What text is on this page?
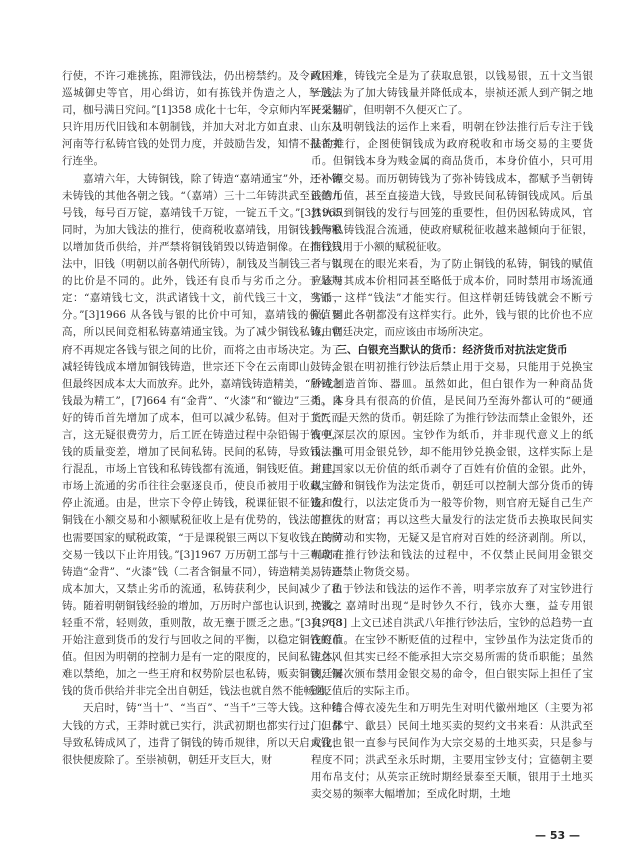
行使，不许刁难挑拣，阻滞钱法，仍出榜禁约。及令两厂并巡城御史等官，用心缉访，如有拣钱并伪造之人，拏送法司，枷号满日究问。”[1]358 成化十七年，令京师内军民交易只许用历代旧钱和本朝制钱，并加大对北方如直隶、山东及河南等行私铸官钱的处罚力度，并鼓励告发，知情不报者实行连坐。

嘉靖六年，大铸铜钱，除了铸造“嘉靖通宝”外，还补铸未铸钱的其他各朝之钱。“（嘉靖）三十二年铸洪武至正德九号钱，每号百万锭，嘉靖钱千万锭，一锭五千文。”[3]1965 同时，为加大钱法的推行，使商税收嘉靖钱，用铜钱折俸粮以增加货币供给，并严禁将铜钱销毁以铸造铜像。在推行钱法中，旧钱（明朝以前各朝代所铸），制钱及当制钱三者与银的比价是不同的。此外，钱还有良币与劣币之分。于是规定：“嘉靖钱七文，洪武诸钱十文，前代钱三十文，当银一分。”[3]1966 从各钱与银的比价中可知，嘉靖钱的价值要高，所以民间竞相私铸嘉靖通宝钱。为了减少铜钱私铸，官府不再规定各钱与银之间的比价，而将之由市场决定。为了减轻铸钱成本增加铜钱铸造，世宗还下令在云南即山鼓铸，但最终因成本太大而放弃。此外，嘉靖钱铸造精美，“所铸之钱最为精工”，[7]664 有“金背”、“火漆”和“镟边”三类。良好的铸币首先增加了成本，但可以减少私铸。但对于工匠而言，这无疑很费劳力，后工匠在铸造过程中杂铅锡于钱中，钱的质量变差，增加了民间私铸。民间的私铸，导致钱法推行混乱，市场上官钱和私铸钱都有流通，铜钱贬值。并且，市场上流通的劣币往往会驱逐良币，使良币被用于收藏，而停止流通。由是，世宗下令停止铸钱，税课征银不征钱。但铜钱在小额交易和小额赋税征收上是有优势的，钱法的推行也需要国家的赋税政策，“于是课税银三两以下复收钱，民间交易一钱以下止许用钱。”[3]1967 万历朝工部与十三布政司铸造“金背”、“火漆”钱（二者含铜量不同），铸造精美，铸造成本加大，又禁止劣币的流通，私铸获利少，民间减少了私铸。随着明朝铜钱经验的增加，万历时户部也认识到，“钱之轻重不常，轻则敛，重则散，故无壅于匮乏之患。”[3]1968 开始注意到货币的发行与回收之间的平衡，以稳定铜钱的币值。但因为明朝的控制力是有一定的限度的，民间私铸之风难以禁绝，加之一些王府和权势阶层也私铸，贩卖铜钱，铜钱的货币供给并非完全出自朝廷，钱法也就自然不能畅通。

天启时，铸“当十”、“当百”、“当千”三等大钱。这种铸大钱的方式，王莽时就已实行，洪武初期也都实行过，但都导致私铸成风了，违背了铜钱的铸币规律，所以天启大钱也很快便废除了。至崇祯朝，朝廷开支巨大，财

政困难，铸钱完全是为了获取息银，以钱易银，五十文当银一钱。为了加大铸钱量并降低成本，崇祯还派人到产铜之地开采铜矿，但明朝不久便灭亡了。

从明朝钱法的运作上来看，明朝在钞法推行后专注于钱法的推行，企图使铜钱成为政府税收和市场交易的主要货币。但铜钱本身为贱金属的商品货币，本身价值小，只可用于小额交易。而历朝铸钱为了弥补铸钱成本，都赋予当朝铸钱的币值，甚至直接造大钱，导致民间私铸铜钱成风。后虽然认识到铜钱的发行与回笼的重要性，但仍因私铸成风，官钱与私铸钱混合流通，使政府赋税征收越来越倾向于征银，而钱只用于小额的赋税征收。

以现在的眼光来看，为了防止铜钱的私铸，铜钱的赋值应该与其成本价相同甚至略低于成本价，同时禁用市场流通劣币，这样“钱法”才能实行。但这样朝廷铸钱就会不断亏损，因此各朝都没有这样实行。此外，钱与银的比价也不应该由朝廷决定，而应该由市场所决定。

三、白银充当默认的货币：经济货币对抗法定货币

金银在明初推行钞法后禁止用于交易，只能用于兑换宝钞或制造首饰、器皿。虽然如此，但白银作为一种商品货币，本身具有很高的价值，是民间乃至海外都认可的“硬通货”，是天然的货币。朝廷除了为推行钞法而禁止金银外，还有更深层次的原因。宝钞作为纸币，并非现代意义上的纸币。虽可用金银兑钞，却不能用钞兑换金银，这样实际上是封建国家以无价值的纸币剥夺了百姓有价值的金银。此外，以宝钞和铜钱作为法定货币，朝廷可以控制大部分货币的铸造和发行，以法定货币为一般等价物，则官府无疑自己生产了巨大的财富；再以这些大量发行的法定货币去换取民间实在的劳动和实物，无疑又是官府对百姓的经济剥削。所以，明朝在推行钞法和钱法的过程中，不仅禁止民间用金银交易，还禁止物货交易。

由于钞法和钱法的运作不善，明孝宗放弃了对宝钞进行挽救，嘉靖时出现“是时钞久不行，钱亦大壅，益专用银矣。”[3] 上文已述自洪武八年推行钞法后，宝钞的总趋势一直在贬值。在宝钞不断贬值的过程中，宝钞虽作为法定货币的主体，但其实已经不能承担大宗交易所需的货币职能；虽然朝廷屡次颁布禁用金银交易的命令，但白银实际上担任了宝钞贬值后的实际主币。

结合傅衣凌先生和万明先生对明代徽州地区（主要为祁门、休宁、歙县）民间土地买卖的契约文书来看：从洪武至成化，银一直参与民间作为大宗交易的土地买卖，只是参与程度不同；洪武至永乐时期，主要用宝钞支付；宣德朝主要用布帛支付；从英宗正统时期经景泰至天顺，银用于土地买卖交易的频率大幅增加；至成化时期，土地

— 53 —
